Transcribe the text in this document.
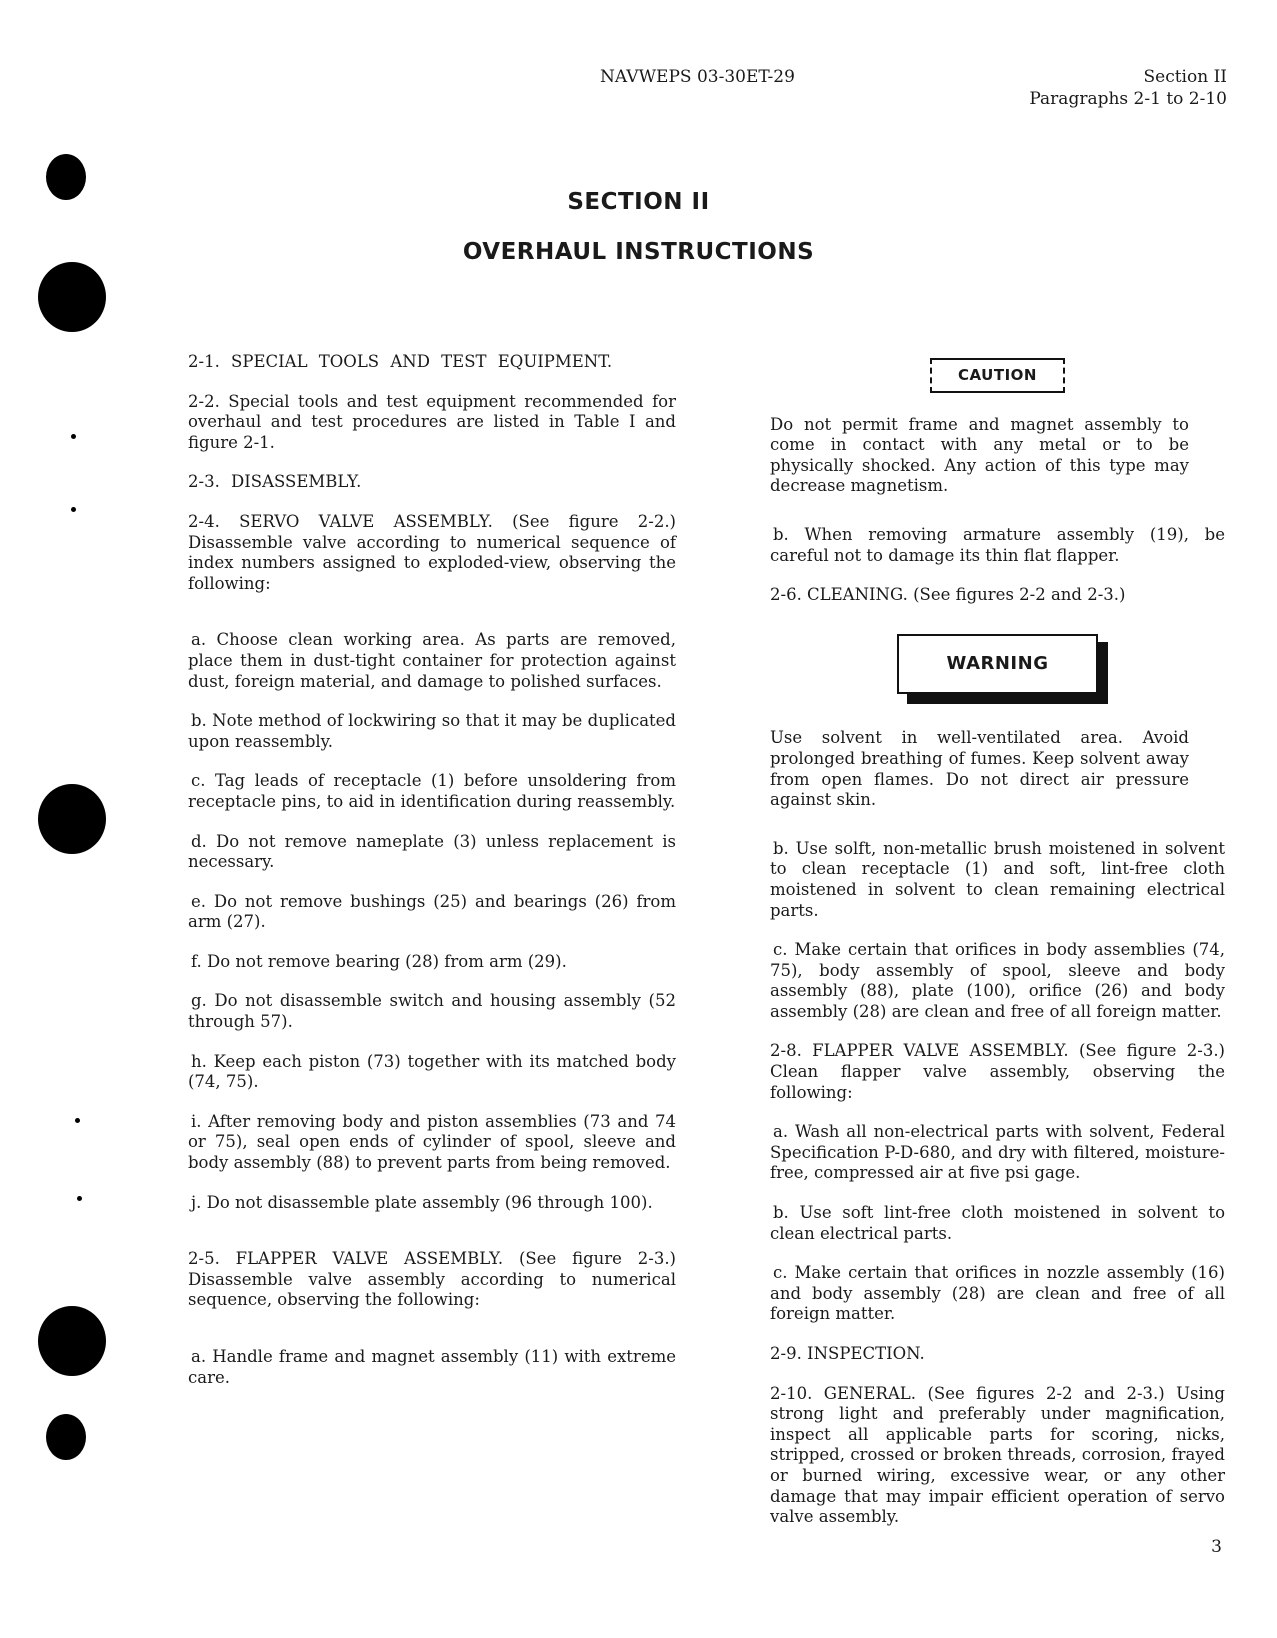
NAVWEPS 03-30ET-29	Section II
Paragraphs 2-1 to 2-10
SECTION II
OVERHAUL INSTRUCTIONS

2-1. SPECIAL TOOLS AND TEST EQUIPMENT.

2-2. Special tools and test equipment recommended for overhaul and test procedures are listed in Table I and figure 2-1.

2-3. DISASSEMBLY.

2-4. SERVO VALVE ASSEMBLY. (See figure 2-2.) Disassemble valve according to numerical sequence of index numbers assigned to exploded-view, observing the following:

a. Choose clean working area. As parts are removed, place them in dust-tight container for protection against dust, foreign material, and damage to polished surfaces.

b. Note method of lockwiring so that it may be duplicated upon reassembly.

c. Tag leads of receptacle (1) before unsoldering from receptacle pins, to aid in identification during reassembly.

d. Do not remove nameplate (3) unless replacement is necessary.

e. Do not remove bushings (25) and bearings (26) from arm (27).

f. Do not remove bearing (28) from arm (29).

g. Do not disassemble switch and housing assembly (52 through 57).

h. Keep each piston (73) together with its matched body (74, 75).

i. After removing body and piston assemblies (73 and 74 or 75), seal open ends of cylinder of spool, sleeve and body assembly (88) to prevent parts from being removed.

j. Do not disassemble plate assembly (96 through 100).

2-5. FLAPPER VALVE ASSEMBLY. (See figure 2-3.) Disassemble valve assembly according to numerical sequence, observing the following:

a. Handle frame and magnet assembly (11) with extreme care.

CAUTION

Do not permit frame and magnet assembly to come in contact with any metal or to be physically shocked. Any action of this type may decrease magnetism.

b. When removing armature assembly (19), be careful not to damage its thin flat flapper.

2-6. CLEANING. (See figures 2-2 and 2-3.)

WARNING

Use solvent in well-ventilated area. Avoid prolonged breathing of fumes. Keep solvent away from open flames. Do not direct air pressure against skin.

b. Use solft, non-metallic brush moistened in solvent to clean receptacle (1) and soft, lint-free cloth moistened in solvent to clean remaining electrical parts.

c. Make certain that orifices in body assemblies (74, 75), body assembly of spool, sleeve and body assembly (88), plate (100), orifice (26) and body assembly (28) are clean and free of all foreign matter.

2-8. FLAPPER VALVE ASSEMBLY. (See figure 2-3.) Clean flapper valve assembly, observing the following:

a. Wash all non-electrical parts with solvent, Federal Specification P-D-680, and dry with filtered, moisture-free, compressed air at five psi gage.

b. Use soft lint-free cloth moistened in solvent to clean electrical parts.

c. Make certain that orifices in nozzle assembly (16) and body assembly (28) are clean and free of all foreign matter.

2-9. INSPECTION.

2-10. GENERAL. (See figures 2-2 and 2-3.) Using strong light and preferably under magnification, inspect all applicable parts for scoring, nicks, stripped, crossed or broken threads, corrosion, frayed or burned wiring, excessive wear, or any other damage that may impair efficient operation of servo valve assembly.

3
